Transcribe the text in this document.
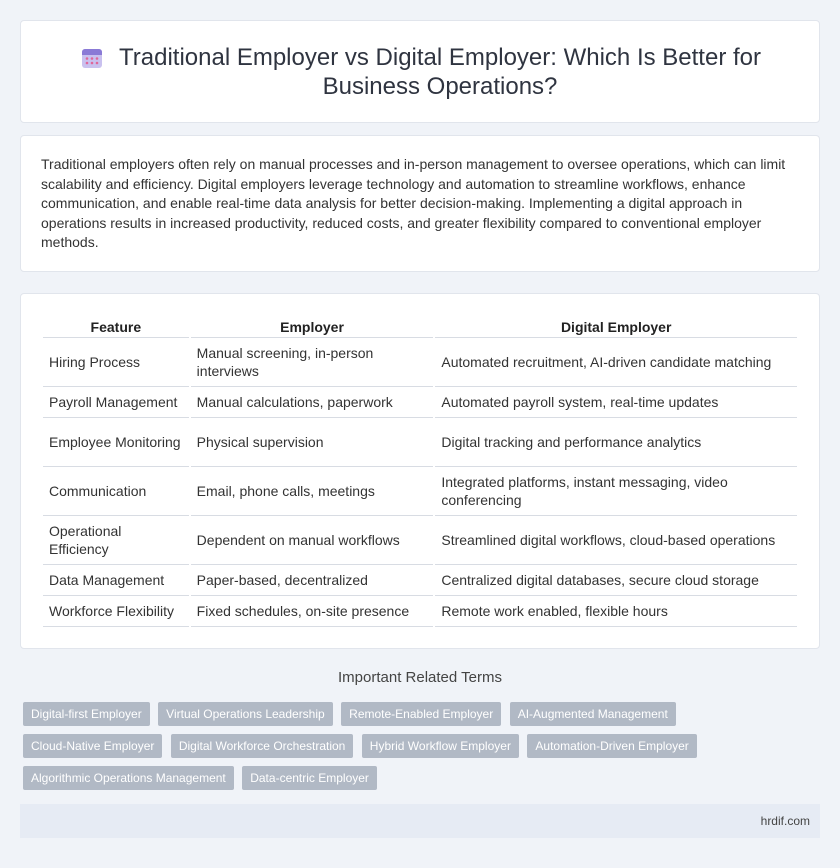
Traditional Employer vs Digital Employer: Which Is Better for Business Operations?

Traditional employers often rely on manual processes and in-person management to oversee operations, which can limit scalability and efficiency. Digital employers leverage technology and automation to streamline workflows, enhance communication, and enable real-time data analysis for better decision-making. Implementing a digital approach in operations results in increased productivity, reduced costs, and greater flexibility compared to conventional employer methods.

Feature	Employer	Digital Employer
Hiring Process	Manual screening, in-person interviews	Automated recruitment, AI-driven candidate matching
Payroll Management	Manual calculations, paperwork	Automated payroll system, real-time updates
Employee Monitoring	Physical supervision	Digital tracking and performance analytics
Communication	Email, phone calls, meetings	Integrated platforms, instant messaging, video conferencing
Operational Efficiency	Dependent on manual workflows	Streamlined digital workflows, cloud-based operations
Data Management	Paper-based, decentralized	Centralized digital databases, secure cloud storage
Workforce Flexibility	Fixed schedules, on-site presence	Remote work enabled, flexible hours
Important Related Terms
Digital-first Employer Virtual Operations Leadership Remote-Enabled Employer AI-Augmented Management Cloud-Native Employer Digital Workforce Orchestration Hybrid Workflow Employer Automation-Driven Employer Algorithmic Operations Management Data-centric Employer
hrdif.com
